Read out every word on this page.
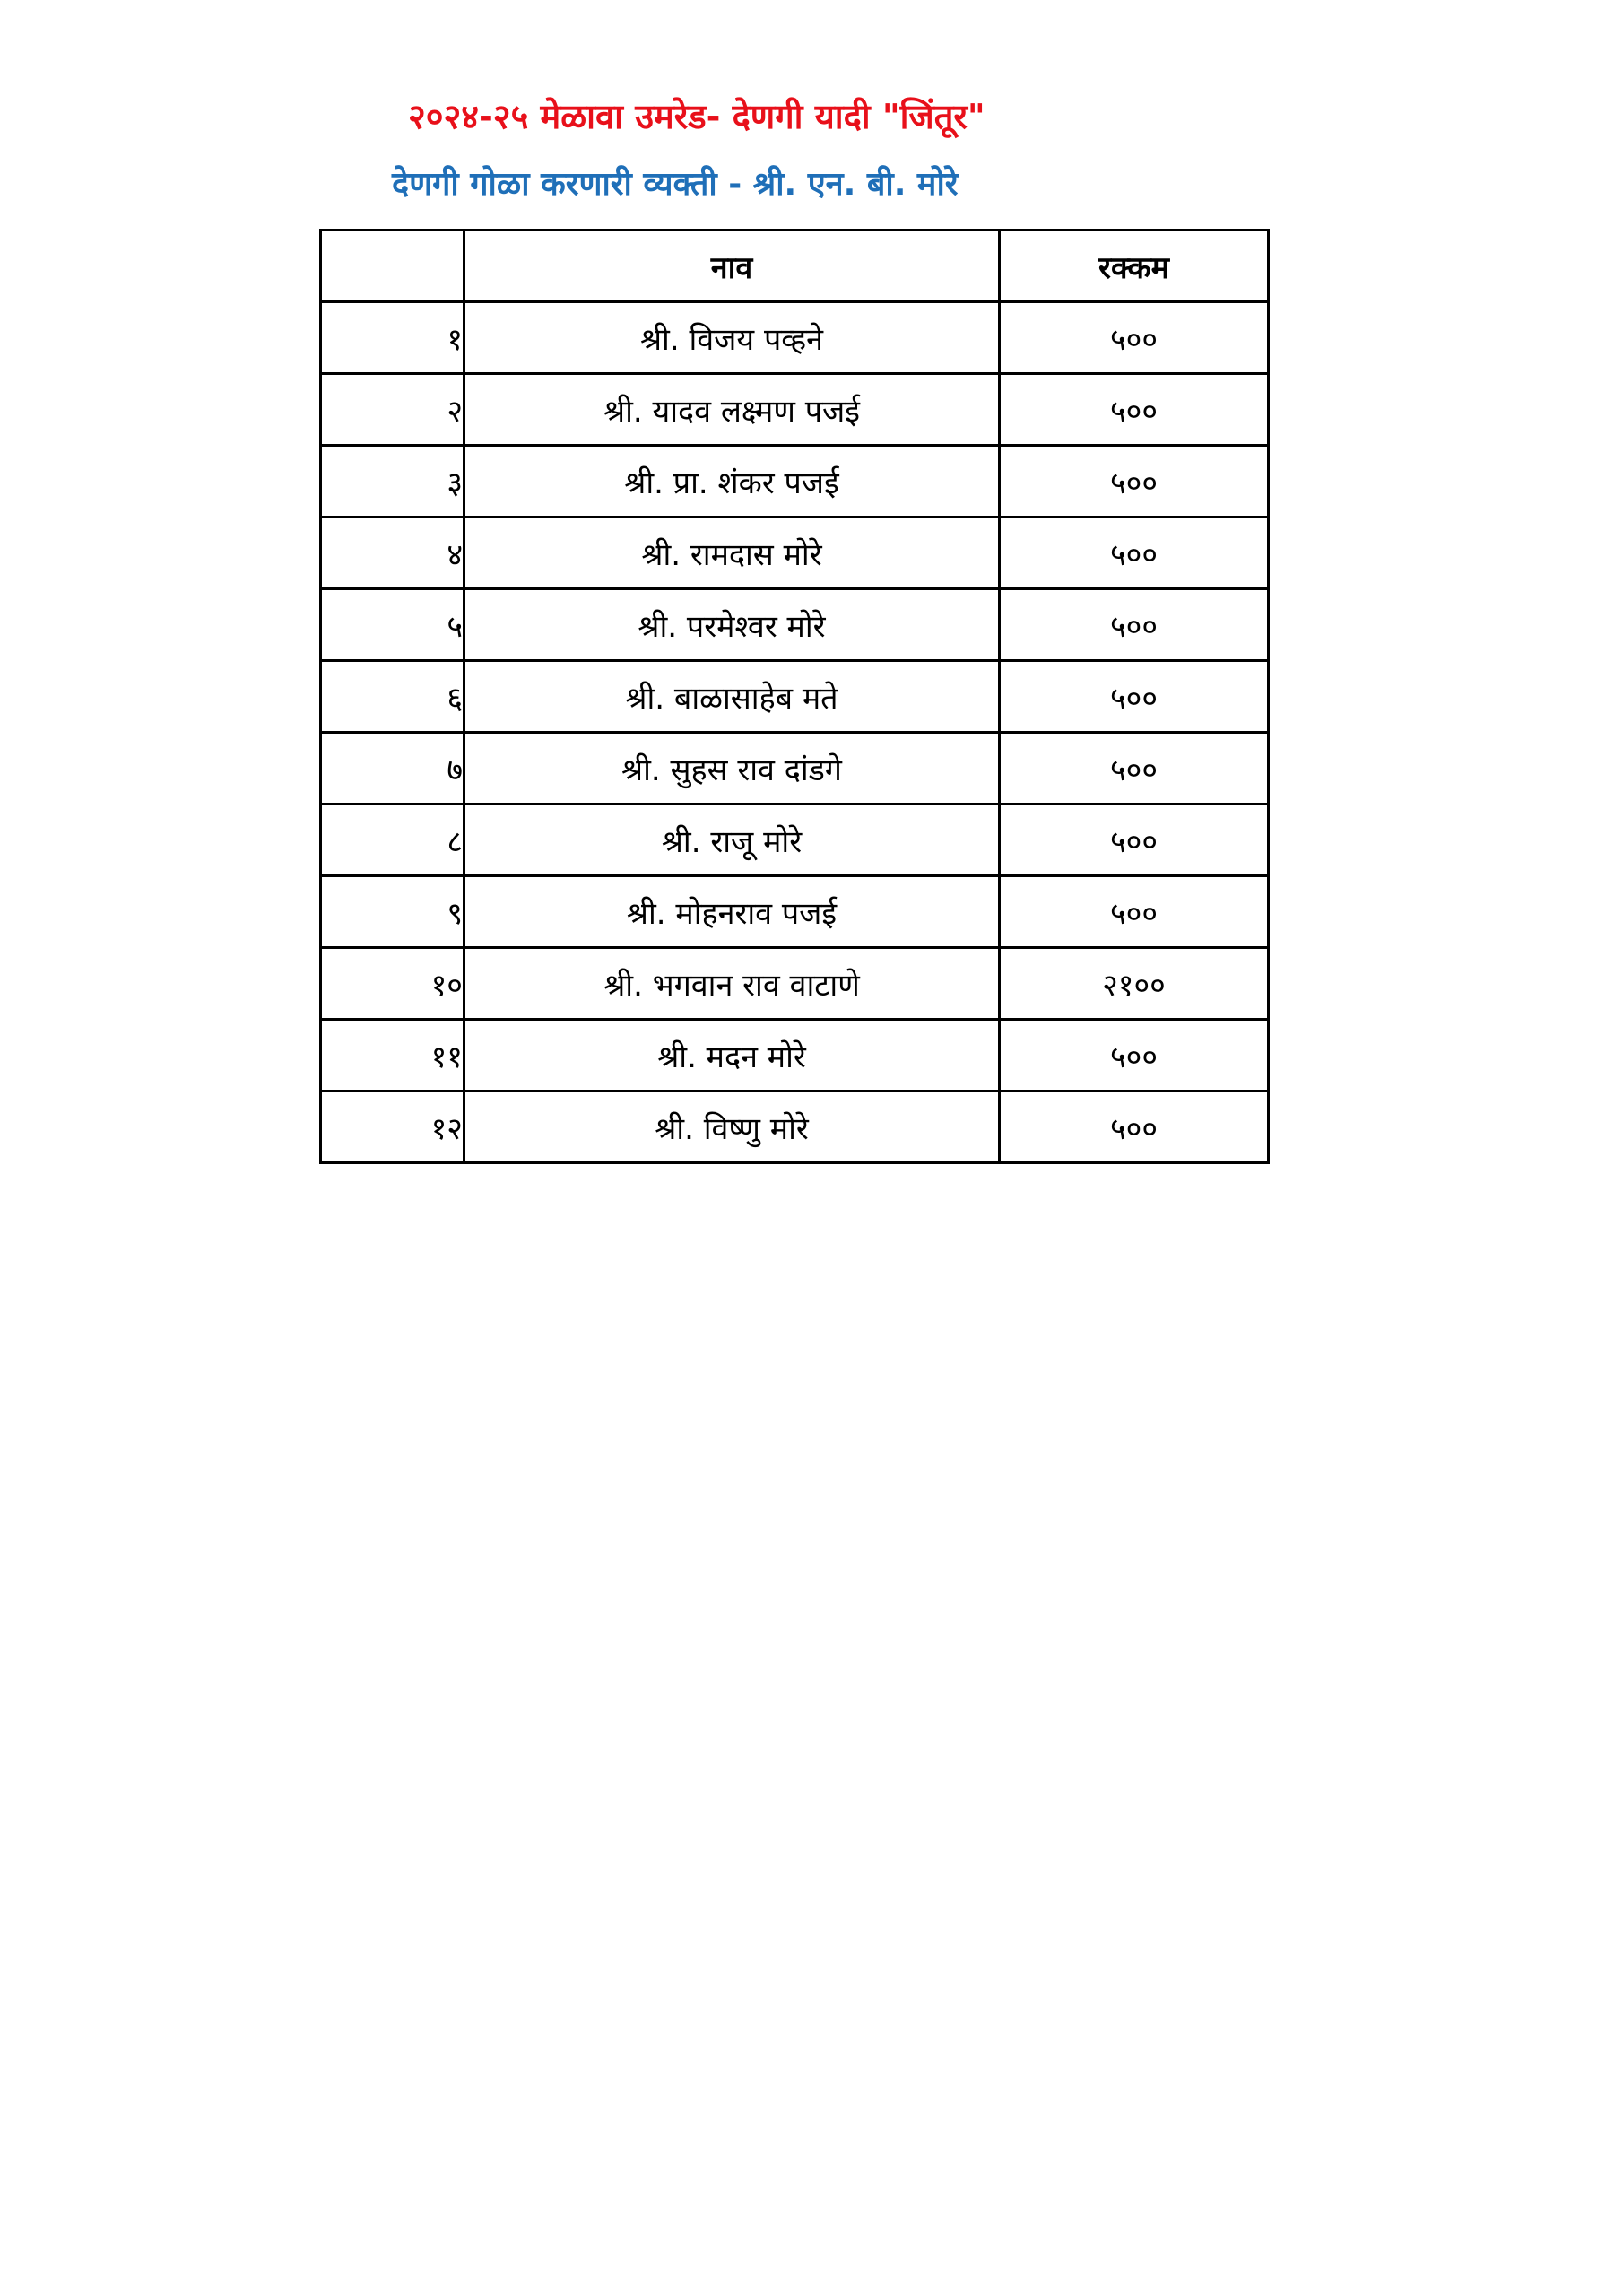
२०२४-२५ मेळावा उमरेड- देणगी यादी "जिंतूर"
देणगी गोळा करणारी व्यक्ती - श्री. एन. बी. मोरे
	नाव	रक्कम
१	श्री. विजय पव्हने	५००
२	श्री. यादव लक्ष्मण पजई	५००
३	श्री. प्रा. शंकर पजई	५००
४	श्री. रामदास मोरे	५००
५	श्री. परमेश्वर मोरे	५००
६	श्री. बाळासाहेब मते	५००
७	श्री. सुहस राव दांडगे	५००
८	श्री. राजू मोरे	५००
९	श्री. मोहनराव पजई	५००
१०	श्री. भगवान राव वाटाणे	२१००
११	श्री. मदन मोरे	५००
१२	श्री. विष्णु मोरे	५००
